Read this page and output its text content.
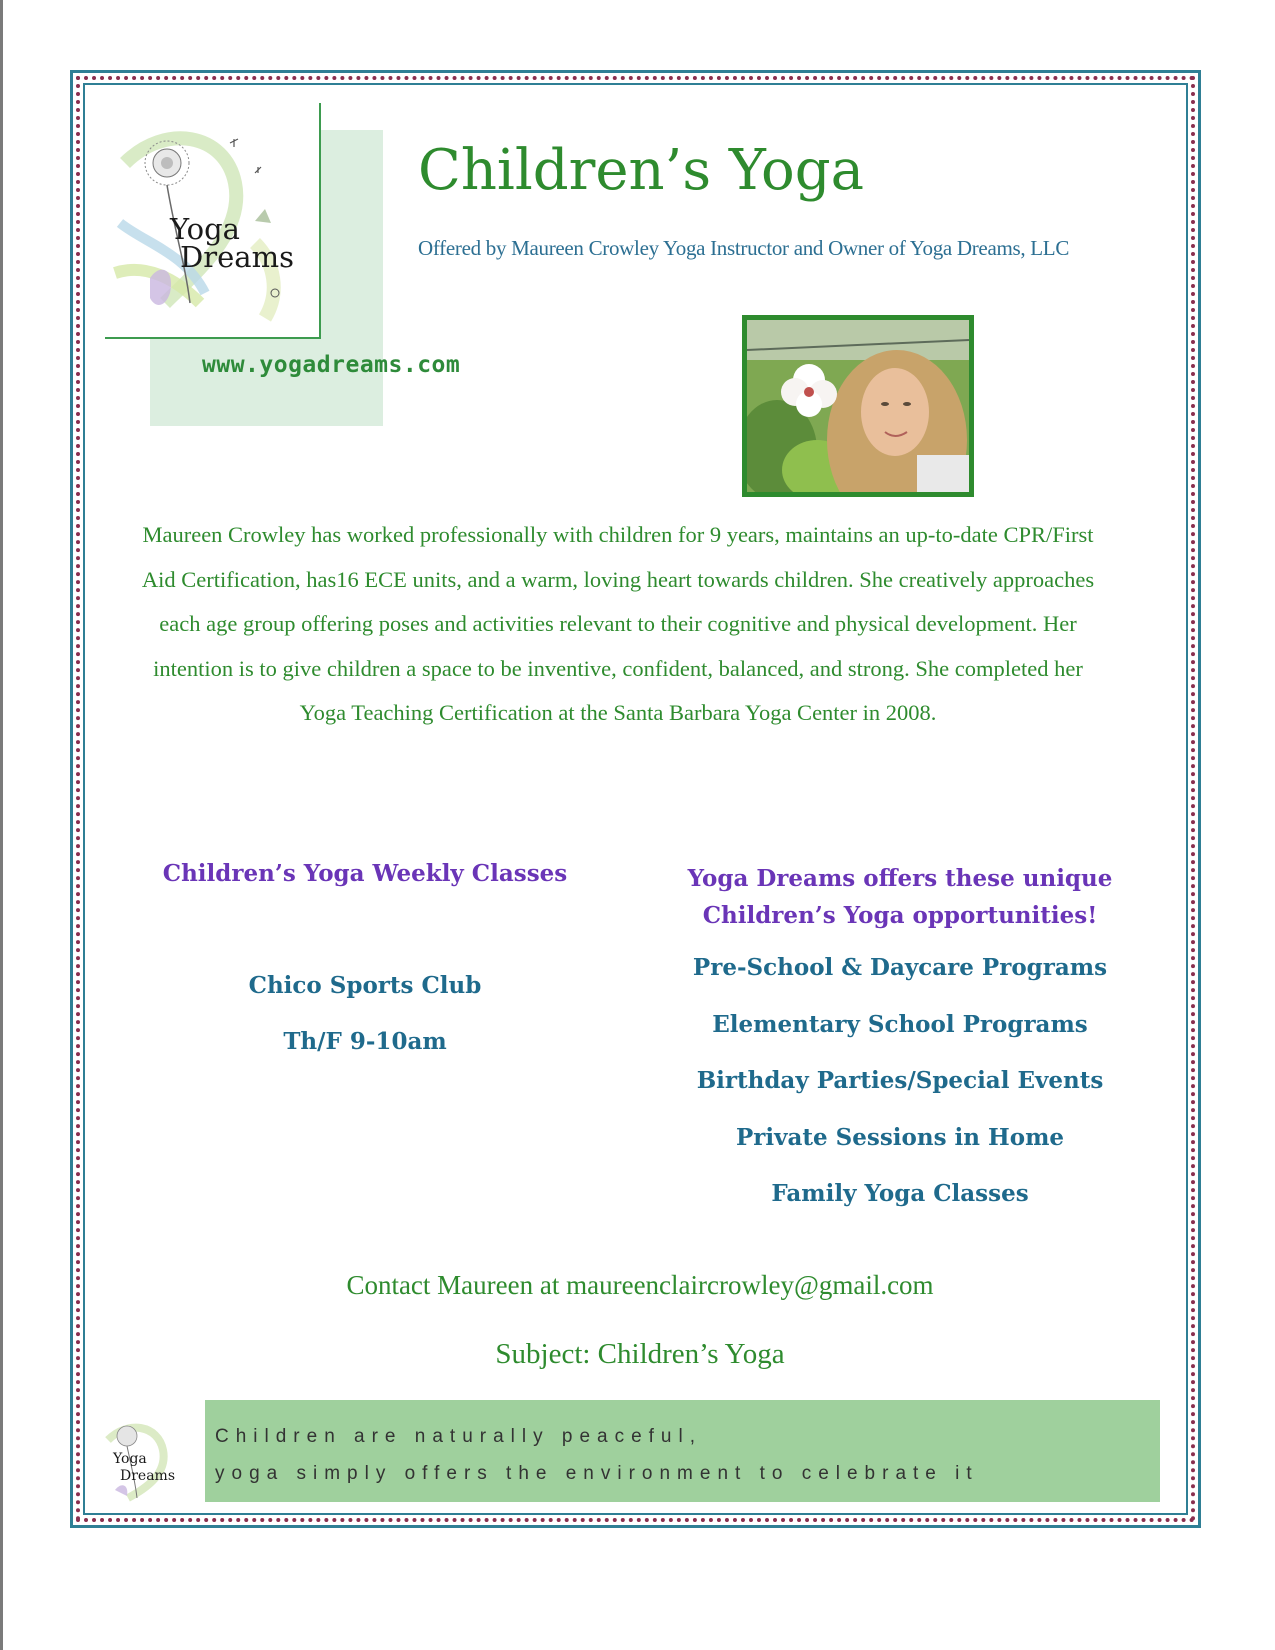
Yoga
Dreams
www.yogadreams.com
Children’s Yoga
Offered by Maureen Crowley Yoga Instructor and Owner of Yoga Dreams, LLC
Maureen Crowley has worked professionally with children for 9 years, maintains an up-to-date CPR/First Aid Certification, has16 ECE units, and a warm, loving heart towards children. She creatively approaches each age group offering poses and activities relevant to their cognitive and physical development. Her intention is to give children a space to be inventive, confident, balanced, and strong. She completed her Yoga Teaching Certification at the Santa Barbara Yoga Center in 2008.
Children’s Yoga Weekly Classes
Chico Sports Club
Th/F 9-10am
Yoga Dreams offers these unique
Children’s Yoga opportunities!
Pre-School & Daycare Programs
Elementary School Programs
Birthday Parties/Special Events
Private Sessions in Home
Family Yoga Classes
Contact Maureen at maureenclaircrowley@gmail.com
Subject: Children’s Yoga
Yoga
Dreams
Children are naturally peaceful,
yoga simply offers the environment to celebrate it
